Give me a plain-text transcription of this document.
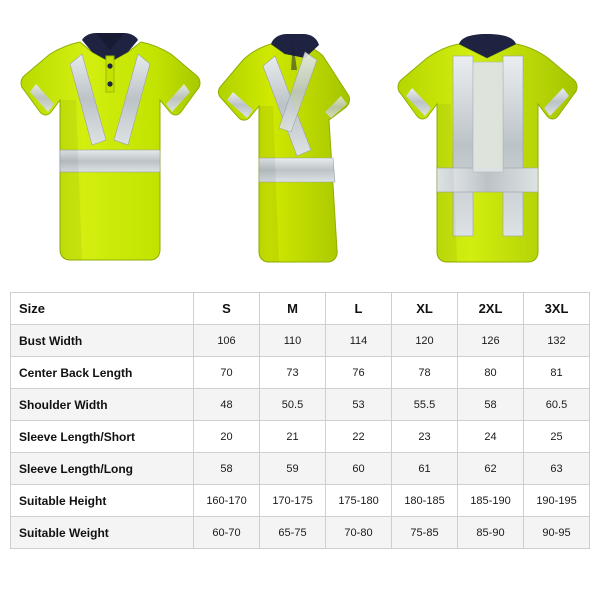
Size	S	M	L	XL	2XL	3XL
Bust Width	106	110	114	120	126	132
Center Back Length	70	73	76	78	80	81
Shoulder Width	48	50.5	53	55.5	58	60.5
Sleeve Length/Short	20	21	22	23	24	25
Sleeve Length/Long	58	59	60	61	62	63
Suitable Height	160-170	170-175	175-180	180-185	185-190	190-195
Suitable Weight	60-70	65-75	70-80	75-85	85-90	90-95
